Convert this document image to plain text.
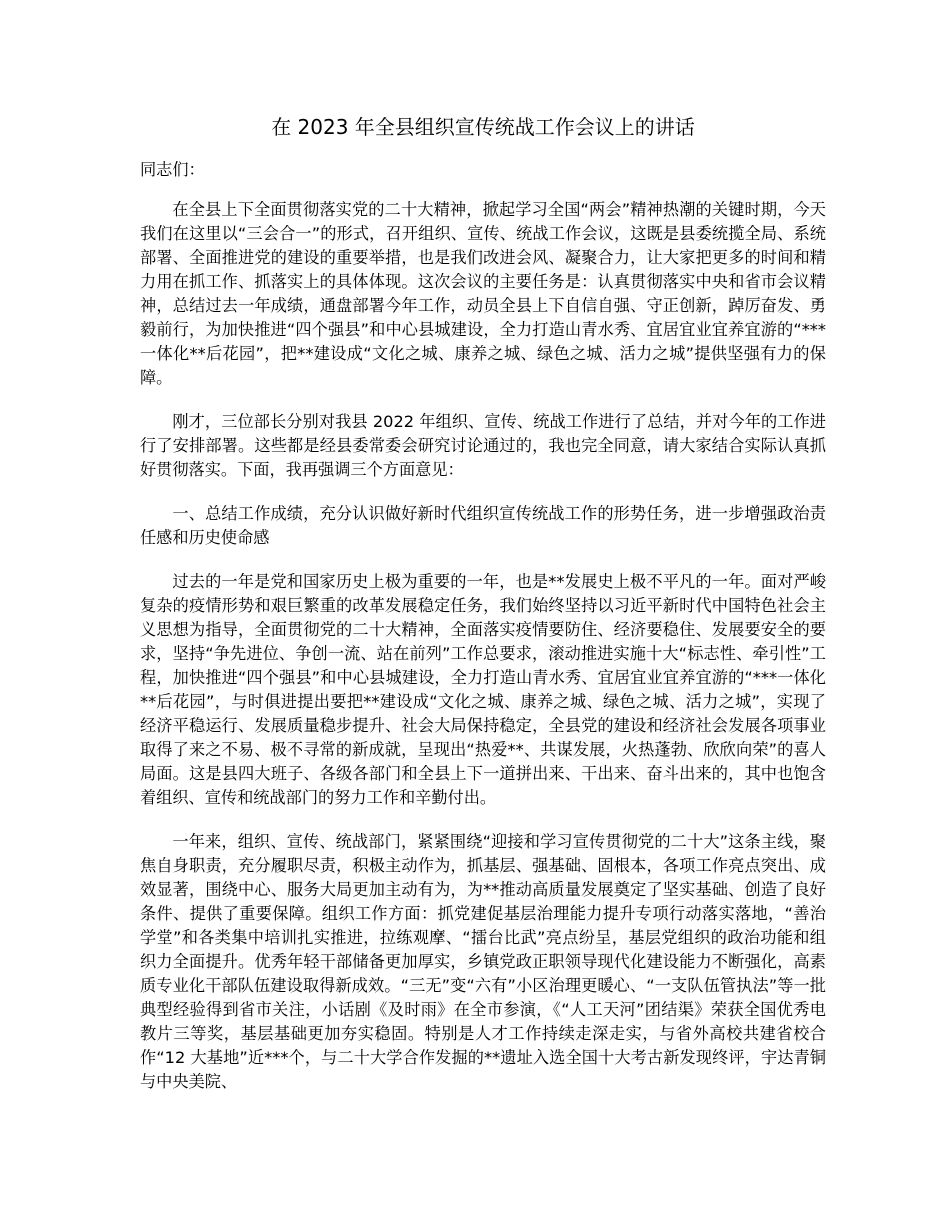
在 2023 年全县组织宣传统战工作会议上的讲话

同志们：

在全县上下全面贯彻落实党的二十大精神，掀起学习全国“两会”精神热潮的关键时期，今天我们在这里以“三会合一”的形式，召开组织、宣传、统战工作会议，这既是县委统揽全局、系统部署、全面推进党的建设的重要举措，也是我们改进会风、凝聚合力，让大家把更多的时间和精力用在抓工作、抓落实上的具体体现。这次会议的主要任务是：认真贯彻落实中央和省市会议精神，总结过去一年成绩，通盘部署今年工作，动员全县上下自信自强、守正创新，踔厉奋发、勇毅前行，为加快推进“四个强县”和中心县城建设，全力打造山青水秀、宜居宜业宜养宜游的“***一体化**后花园”，把**建设成“文化之城、康养之城、绿色之城、活力之城”提供坚强有力的保障。

刚才，三位部长分别对我县 2022 年组织、宣传、统战工作进行了总结，并对今年的工作进行了安排部署。这些都是经县委常委会研究讨论通过的，我也完全同意，请大家结合实际认真抓好贯彻落实。下面，我再强调三个方面意见：

一、总结工作成绩，充分认识做好新时代组织宣传统战工作的形势任务，进一步增强政治责任感和历史使命感

过去的一年是党和国家历史上极为重要的一年，也是**发展史上极不平凡的一年。面对严峻复杂的疫情形势和艰巨繁重的改革发展稳定任务，我们始终坚持以习近平新时代中国特色社会主义思想为指导，全面贯彻党的二十大精神，全面落实疫情要防住、经济要稳住、发展要安全的要求，坚持“争先进位、争创一流、站在前列”工作总要求，滚动推进实施十大“标志性、牵引性”工程，加快推进“四个强县”和中心县城建设，全力打造山青水秀、宜居宜业宜养宜游的“***一体化**后花园”，与时俱进提出要把**建设成“文化之城、康养之城、绿色之城、活力之城”，实现了经济平稳运行、发展质量稳步提升、社会大局保持稳定，全县党的建设和经济社会发展各项事业取得了来之不易、极不寻常的新成就，呈现出“热爱**、共谋发展，火热蓬勃、欣欣向荣”的喜人局面。这是县四大班子、各级各部门和全县上下一道拼出来、干出来、奋斗出来的，其中也饱含着组织、宣传和统战部门的努力工作和辛勤付出。

一年来，组织、宣传、统战部门，紧紧围绕“迎接和学习宣传贯彻党的二十大”这条主线，聚焦自身职责，充分履职尽责，积极主动作为，抓基层、强基础、固根本，各项工作亮点突出、成效显著，围绕中心、服务大局更加主动有为，为**推动高质量发展奠定了坚实基础、创造了良好条件、提供了重要保障。组织工作方面：抓党建促基层治理能力提升专项行动落实落地，“善治学堂”和各类集中培训扎实推进，拉练观摩、“擂台比武”亮点纷呈，基层党组织的政治功能和组织力全面提升。优秀年轻干部储备更加厚实，乡镇党政正职领导现代化建设能力不断强化，高素质专业化干部队伍建设取得新成效。“三无”变“六有”小区治理更暖心、“一支队伍管执法”等一批典型经验得到省市关注，小话剧《及时雨》在全市参演，《“人工天河”团结渠》荣获全国优秀电教片三等奖，基层基础更加夯实稳固。特别是人才工作持续走深走实，与省外高校共建省校合作“12 大基地”近***个，与二十大学合作发掘的**遗址入选全国十大考古新发现终评，宇达青铜与中央美院、
